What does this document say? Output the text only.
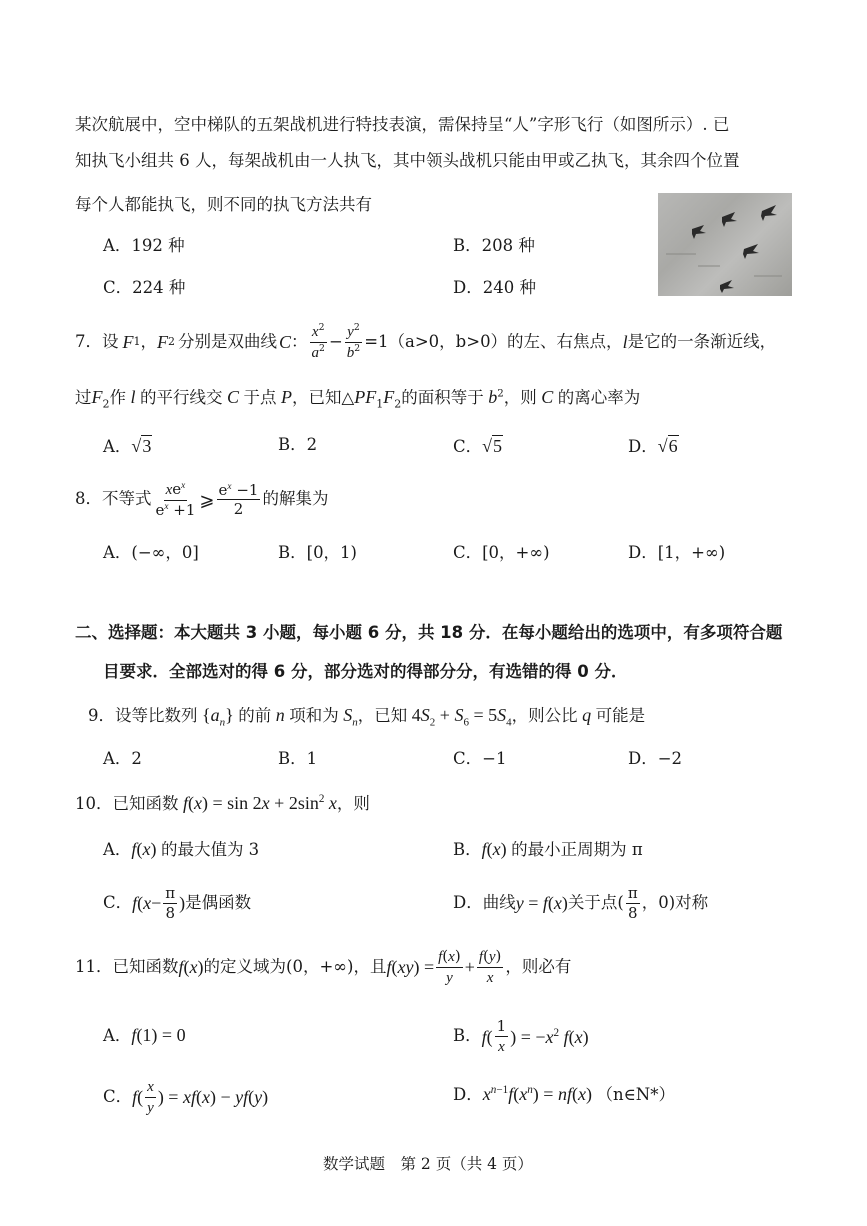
某次航展中，空中梯队的五架战机进行特技表演，需保持呈“人”字形飞行（如图所示）. 已
知执飞小组共 6 人，每架战机由一人执飞，其中领头战机只能由甲或乙执飞，其余四个位置
每个人都能执飞，则不同的执飞方法共有
A．192 种	B．208 种
C．224 种	D．240 种
7． 设 F 1 ， F 2 分别是双曲线 C ： $\frac{x^2}{a^2} - \frac{y^2}{b^2} =1$ （a>0，b>0）的左、右焦点， l 是它的一条渐近线，
过$F_2$作 l 的平行线交 C 于点 P，已知$\triangle PF_1F_2$的面积等于 $b^2$，则 C 的离心率为
A．√3	B．2	C．√5	D．√6
8． 不等式 $\frac{xe^x}{e^x +1}$ ⩾ $\frac{e^x -1}{2}$ 的解集为
A．(−∞，0]	B．[0，1)	C．[0，+∞)	D．[1，+∞)
二、选择题：本大题共 3 小题，每小题 6 分，共 18 分．在每小题给出的选项中，有多项符合题
目要求．全部选对的得 6 分，部分选对的得部分分，有选错的得 0 分．
9．设等比数列 $\{a_n\}$ 的前 n 项和为 $S_n$，已知 $4S_2 + S_6 = 5S_4$，则公比 q 可能是
A．2	B．1	C．−1	D．−2
10．已知函数 $f(x) = \sin 2x + 2\sin^2$ x，则
A．f(x) 的最大值为 3	B．f(x) 的最小正周期为 π
C． $f(x- \frac{\pi}{8}$ ) 是偶函数	D．曲线 y = f(x) 关于点( $\frac{\pi}{8}$ ，0)对称
11． 已知函数 f(x) 的定义域为(0，+∞)，且 $f(xy) = \frac{f(x)}{y} + \frac{f(y)}{x}$ ，则必有
A．f(1) = 0	B． $f( \frac{1}{x}$ ) = $-x^2$ f(x)
C． $f( \frac{x}{y}$ ) = xf(x) − yf(y)	D．$x^{n-1}f(x^n) = nf(x)$ （n∈N*）
数学试题　第 2 页（共 4 页）
